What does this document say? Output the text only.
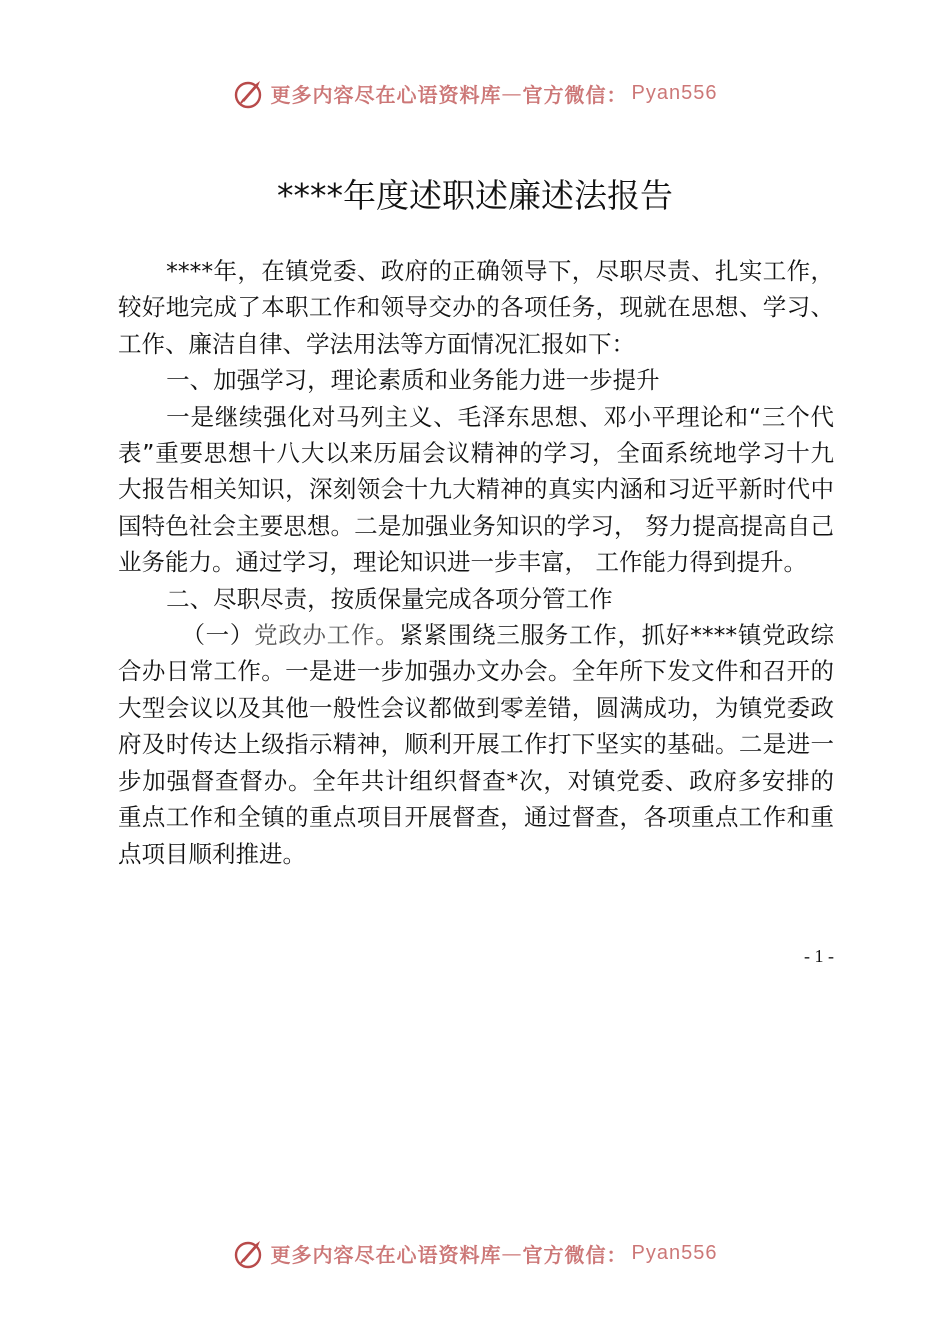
更多内容尽在心语资料库 — 官方微信： Pyan556
****年度述职述廉述法报告

****年，在镇党委、政府的正确领导下，尽职尽责、扎实工作，较好地完成了本职工作和领导交办的各项任务，现就在思想、学习、工作、廉洁自律、学法用法等方面情况汇报如下：

一、加强学习，理论素质和业务能力进一步提升

一是继续强化对马列主义、毛泽东思想、邓小平理论和“三个代表”重要思想十八大以来历届会议精神的学习，全面系统地学习十九大报告相关知识，深刻领会十九大精神的真实内涵和习近平新时代中国特色社会主要思想。二是加强业务知识的学习， 努力提高提高自己业务能力。通过学习，理论知识进一步丰富， 工作能力得到提升。

二、尽职尽责，按质保量完成各项分管工作

（一）党政办工作。紧紧围绕三服务工作，抓好****镇党政综合办日常工作。一是进一步加强办文办会。全年所下发文件和召开的大型会议以及其他一般性会议都做到零差错，圆满成功，为镇党委政府及时传达上级指示精神，顺利开展工作打下坚实的基础。二是进一步加强督查督办。全年共计组织督查*次，对镇党委、政府多安排的重点工作和全镇的重点项目开展督查，通过督查，各项重点工作和重点项目顺利推进。

- 1 -
更多内容尽在心语资料库 — 官方微信： Pyan556
